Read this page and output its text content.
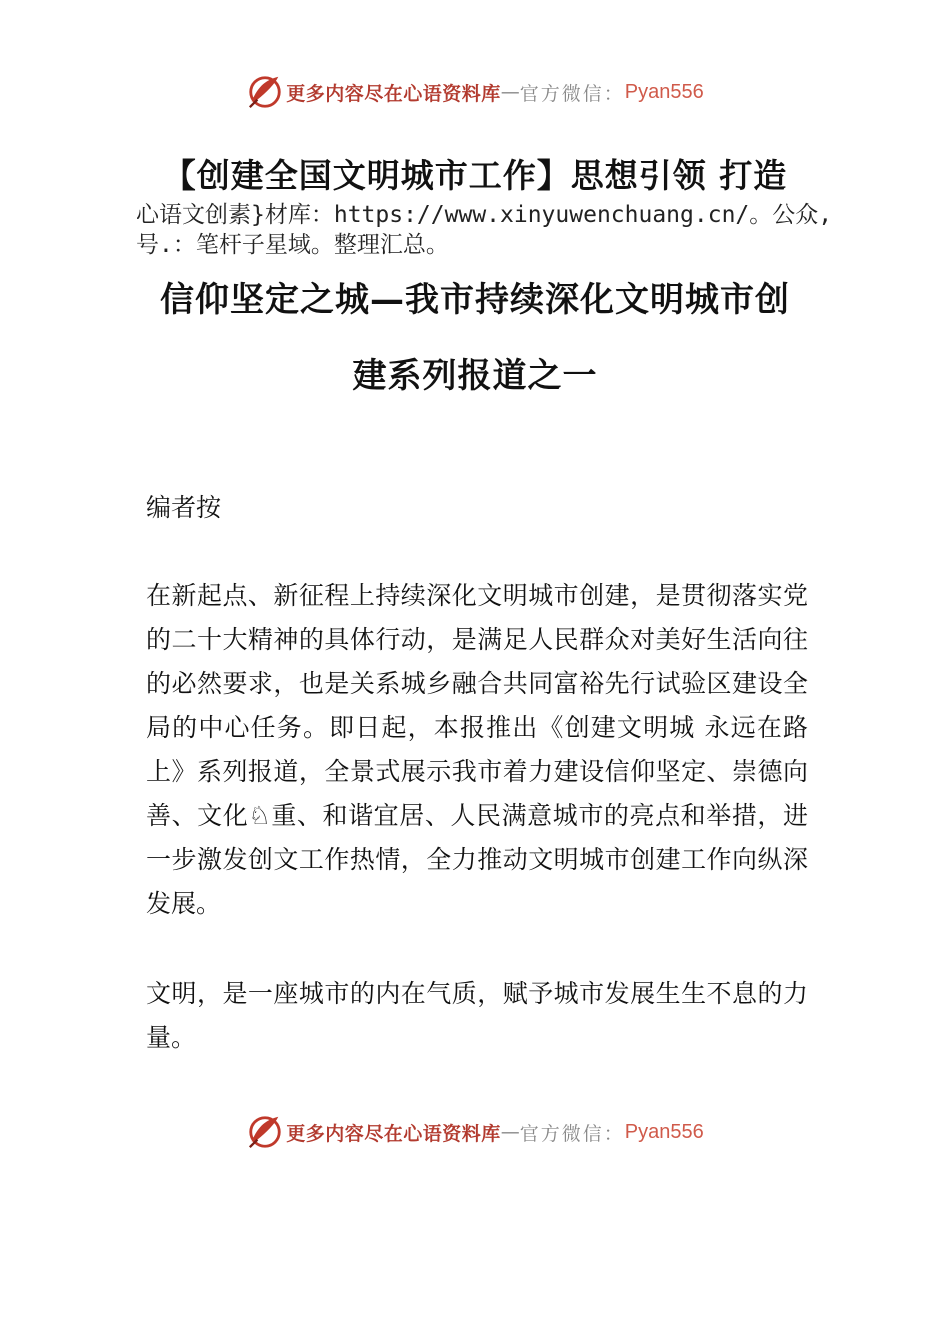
更多内容尽在心语资料库 — 官方微信： Pyan556
【创建全国文明城市工作】思想引领 打造
心语文创素}材库：https://www.xinyuwenchuang.cn/。公众,号.：笔杆子星域。整理汇总。
信仰坚定之城—我市持续深化文明城市创
建系列报道之一

编者按

在新起点、新征程上持续深化文明城市创建，是贯彻落实党的二十大精神的具体行动，是满足人民群众对美好生活向往的必然要求，也是关系城乡融合共同富裕先行试验区建设全局的中心任务。即日起，本报推出《创建文明城 永远在路上》系列报道，全景式展示我市着力建设信仰坚定、崇德向善、文化♘重、和谐宜居、人民满意城市的亮点和举措，进一步激发创文工作热情，全力推动文明城市创建工作向纵深发展。

文明，是一座城市的内在气质，赋予城市发展生生不息的力量。

更多内容尽在心语资料库 — 官方微信： Pyan556
